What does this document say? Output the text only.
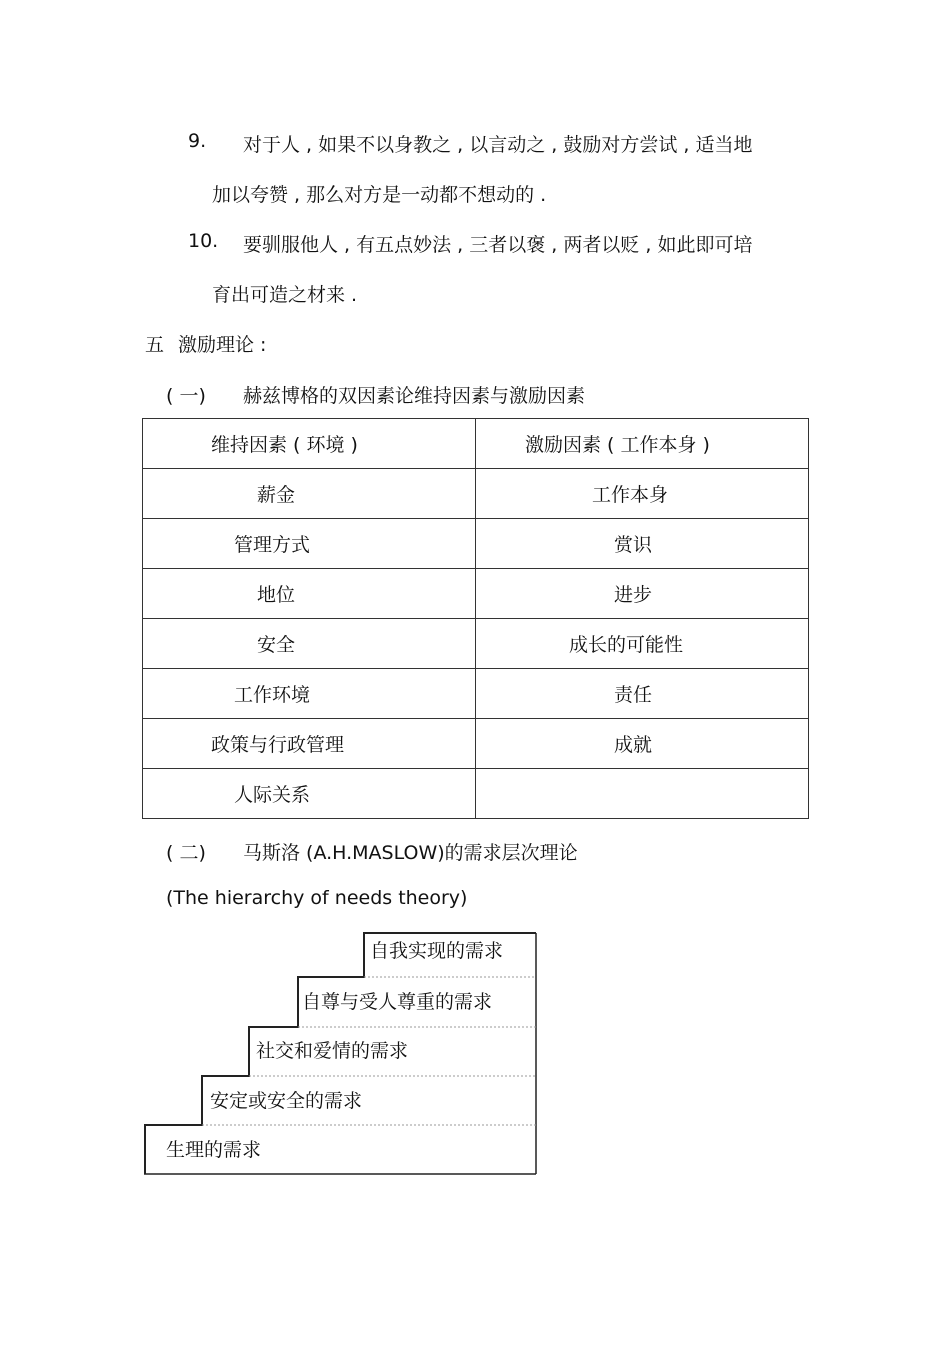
9. 对于人 , 如果不以身教之 , 以言动之 , 鼓励对方尝试 , 适当地
加以夸赞 , 那么对方是一动都不想动的 .
10. 要驯服他人 , 有五点妙法 , 三者以褒 , 两者以贬 , 如此即可培
育出可造之材来 .
五 激励理论 :
( 一) 赫兹博格的双因素论维持因素与激励因素
维持因素 ( 环境 )	激励因素 ( 工作本身 )
薪金	工作本身
管理方式	赏识
地位	进步
安全	成长的可能性
工作环境	责任
政策与行政管理	成就
人际关系	
( 二) 马斯洛 (A.H.MASLOW)的需求层次理论
(The hierarchy of needs theory)
自我实现的需求
自尊与受人尊重的需求
社交和爱情的需求
安定或安全的需求
生理的需求
